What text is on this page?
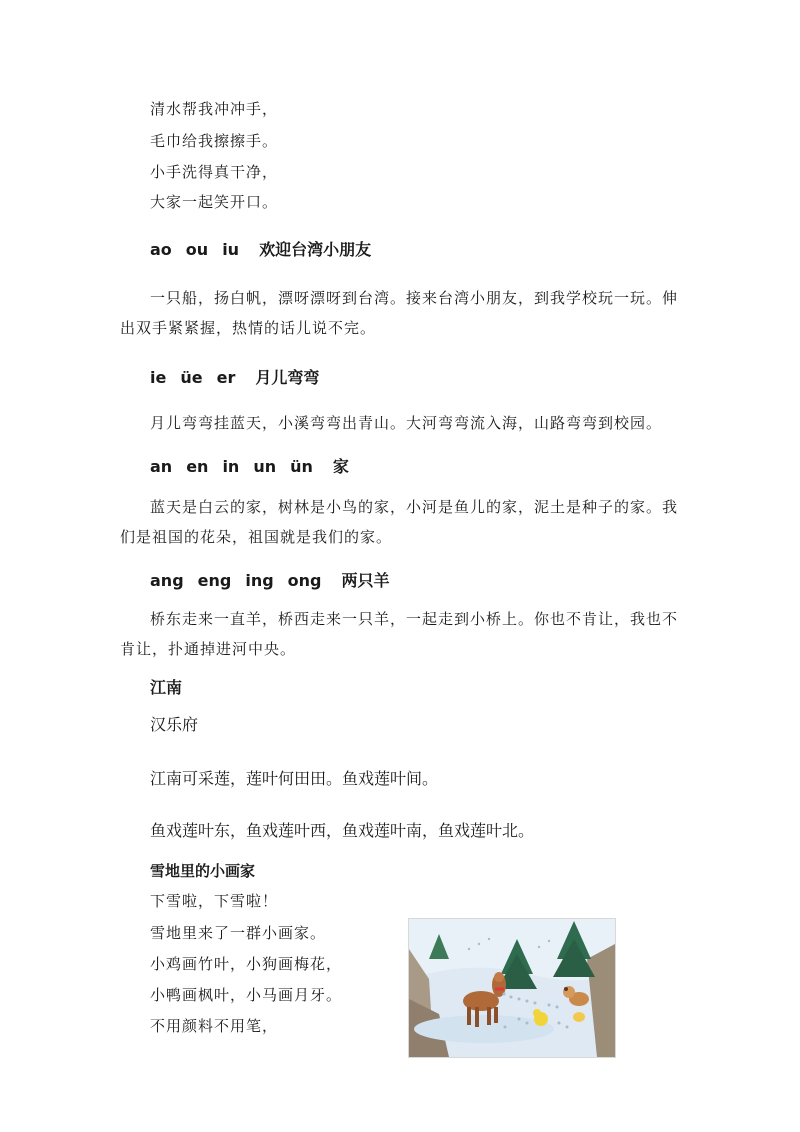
清水帮我冲冲手，
毛巾给我擦擦手。
小手洗得真干净，
大家一起笑开口。
ao ou iu 欢迎台湾小朋友
一只船，扬白帆，漂呀漂呀到台湾。接来台湾小朋友，到我学校玩一玩。伸出双手紧紧握，热情的话儿说不完。
ie üe er 月儿弯弯
月儿弯弯挂蓝天，小溪弯弯出青山。大河弯弯流入海，山路弯弯到校园。
an en in un ün 家
蓝天是白云的家，树林是小鸟的家，小河是鱼儿的家，泥土是种子的家。我们是祖国的花朵，祖国就是我们的家。
ang eng ing ong 两只羊
桥东走来一直羊，桥西走来一只羊，一起走到小桥上。你也不肯让，我也不肯让，扑通掉进河中央。
江南
汉乐府
江南可采莲，莲叶何田田。鱼戏莲叶间。
鱼戏莲叶东，鱼戏莲叶西，鱼戏莲叶南，鱼戏莲叶北。
雪地里的小画家
下雪啦，下雪啦！
雪地里来了一群小画家。
小鸡画竹叶，小狗画梅花，
小鸭画枫叶，小马画月牙。
不用颜料不用笔，
